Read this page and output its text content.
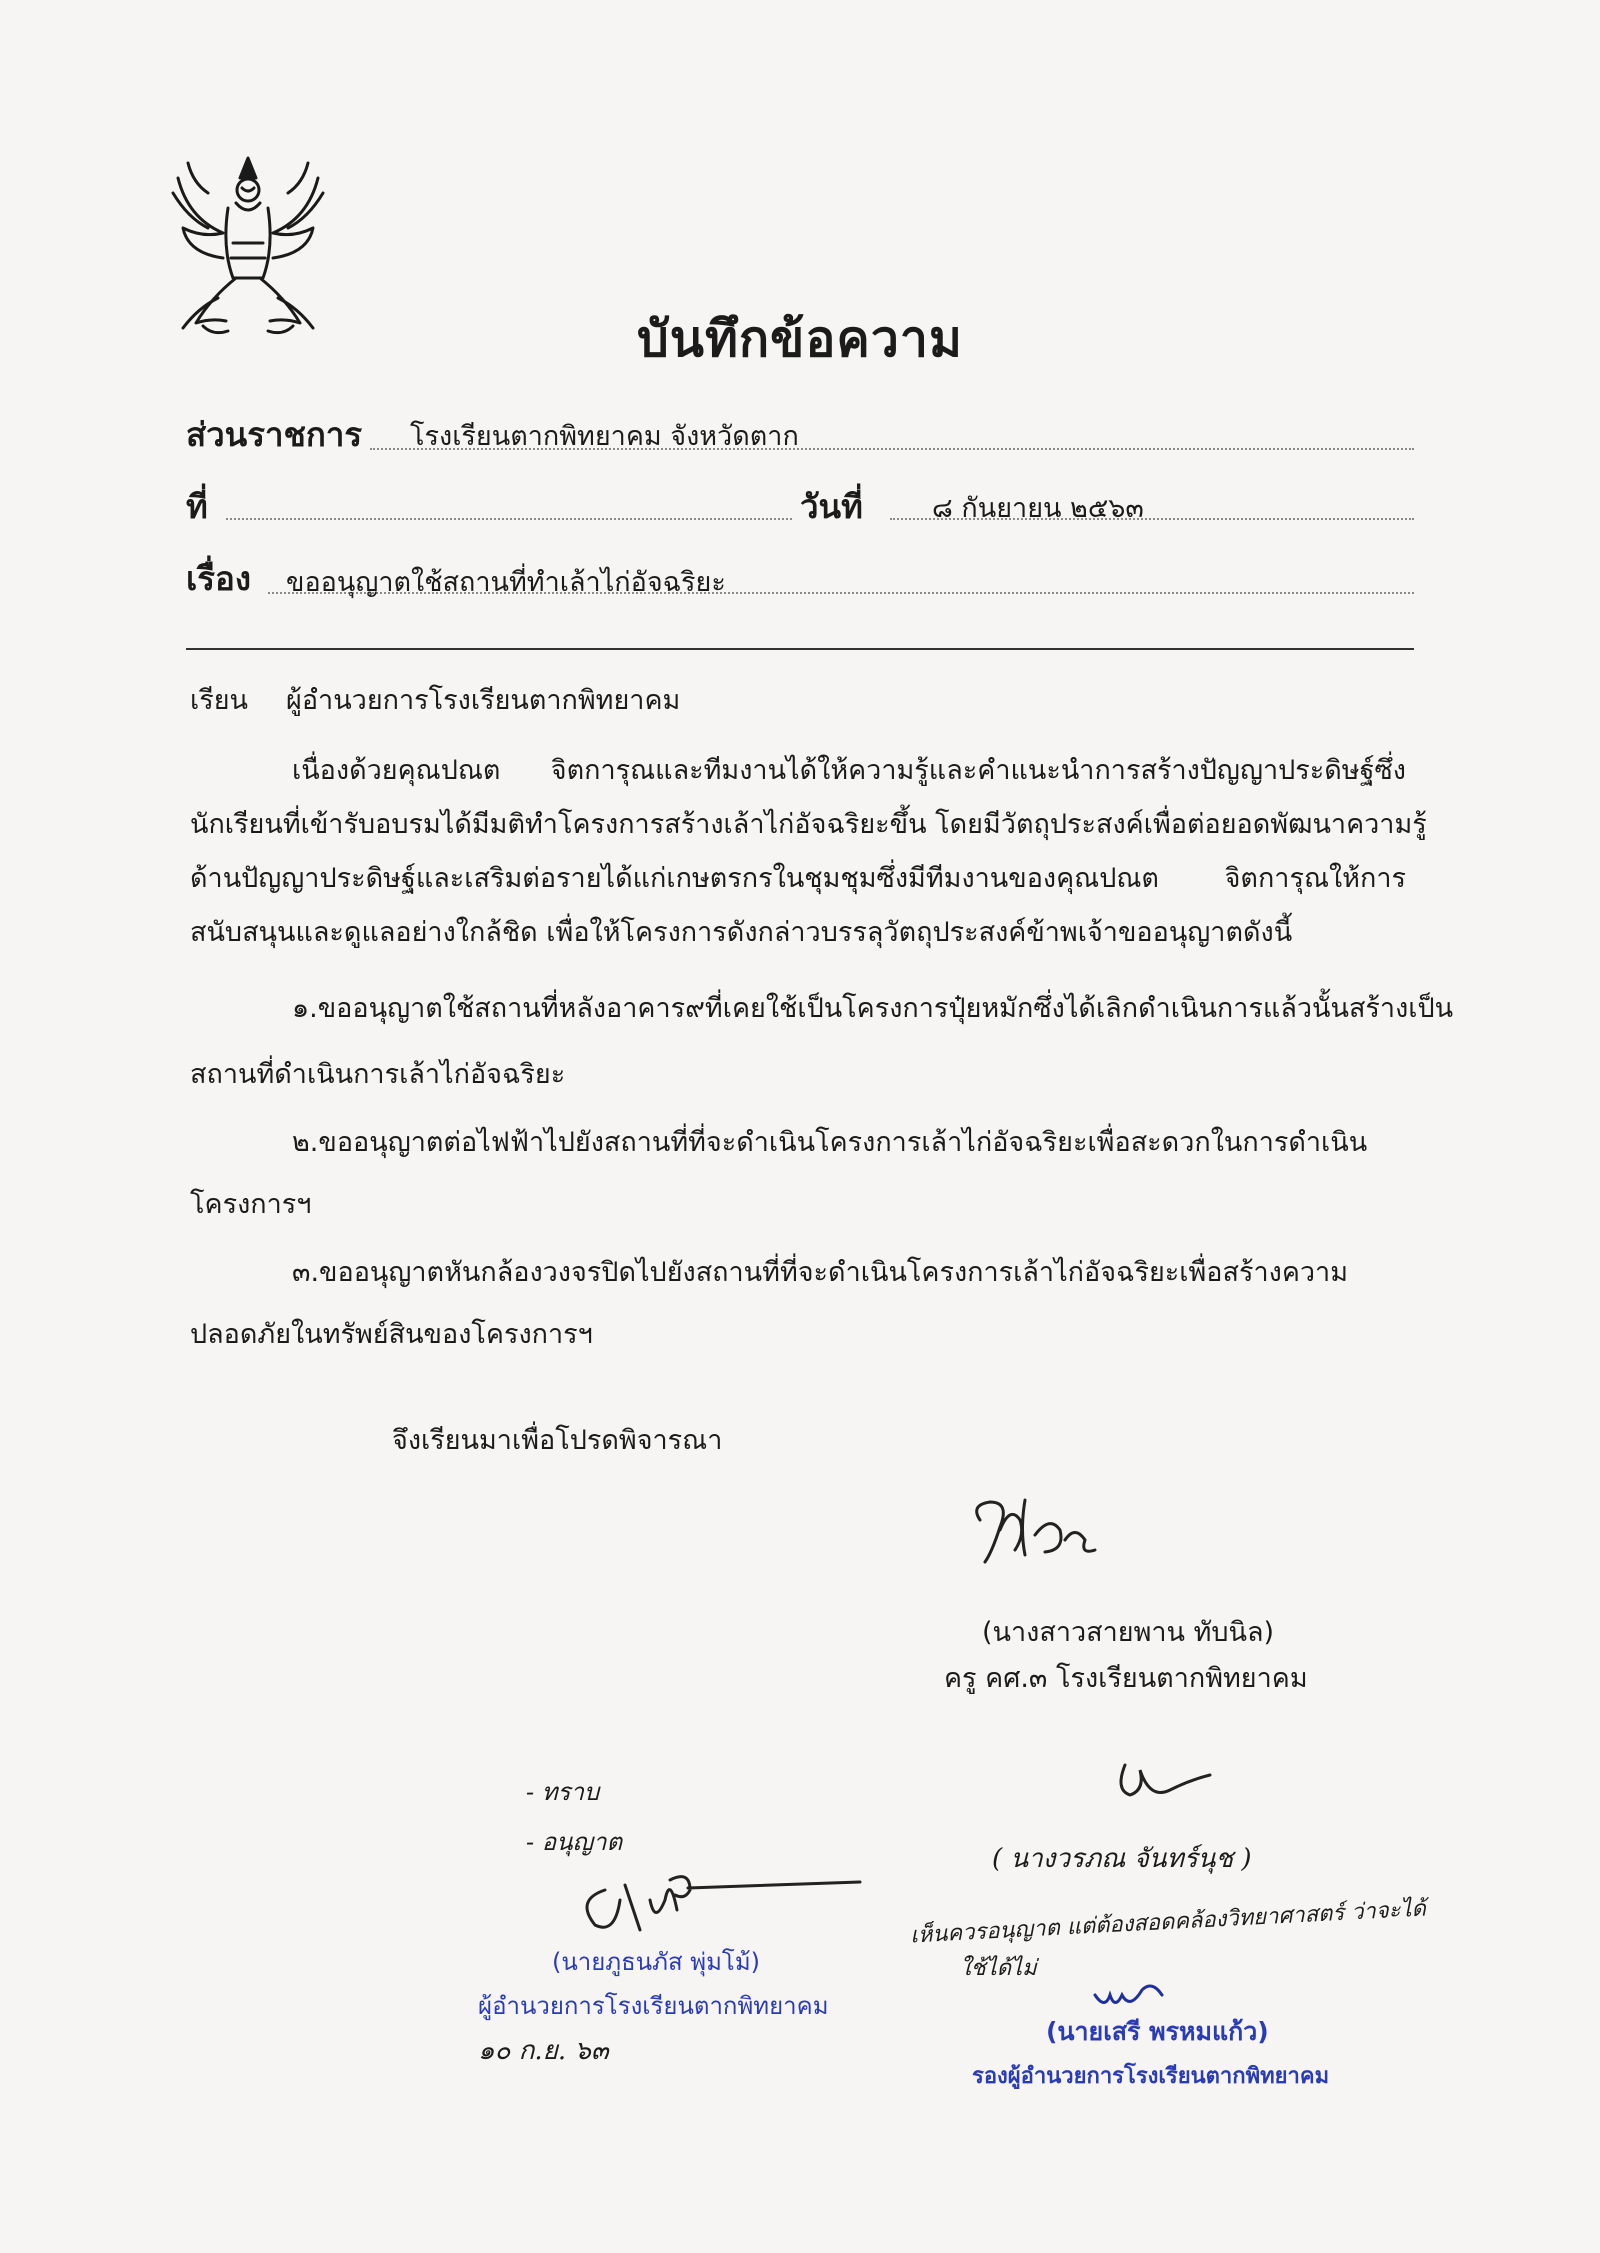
บันทึกข้อความ
ส่วนราชการ โรงเรียนตากพิทยาคม จังหวัดตาก
ที่	วันที่	๘ กันยายน ๒๕๖๓
เรื่อง ขออนุญาตใช้สถานที่ทำเล้าไก่อัจฉริยะ
เรียน ผู้อำนวยการโรงเรียนตากพิทยาคม
เนื่องด้วยคุณปณต จิตการุณและทีมงานได้ให้ความรู้และคำแนะนำการสร้างปัญญาประดิษฐ์ซึ่ง
นักเรียนที่เข้ารับอบรมได้มีมติทำโครงการสร้างเล้าไก่อัจฉริยะขึ้น โดยมีวัตถุประสงค์เพื่อต่อยอดพัฒนาความรู้
ด้านปัญญาประดิษฐ์และเสริมต่อรายได้แก่เกษตรกรในชุมชุมซึ่งมีทีมงานของคุณปณต จิตการุณให้การ
สนับสนุนและดูแลอย่างใกล้ชิด เพื่อให้โครงการดังกล่าวบรรลุวัตถุประสงค์ข้าพเจ้าขออนุญาตดังนี้
๑.ขออนุญาตใช้สถานที่หลังอาคาร๙ที่เคยใช้เป็นโครงการปุ๋ยหมักซึ่งได้เลิกดำเนินการแล้วนั้นสร้างเป็น
สถานที่ดำเนินการเล้าไก่อัจฉริยะ
๒.ขออนุญาตต่อไฟฟ้าไปยังสถานที่ที่จะดำเนินโครงการเล้าไก่อัจฉริยะเพื่อสะดวกในการดำเนิน
โครงการฯ
๓.ขออนุญาตหันกล้องวงจรปิดไปยังสถานที่ที่จะดำเนินโครงการเล้าไก่อัจฉริยะเพื่อสร้างความ
ปลอดภัยในทรัพย์สินของโครงการฯ
จึงเรียนมาเพื่อโปรดพิจารณา
(นางสาวสายพาน ทับนิล)
ครู คศ.๓ โรงเรียนตากพิทยาคม
- ทราบ
- อนุญาต
(นายภูธนภัส พุ่มโม้)
ผู้อำนวยการโรงเรียนตากพิทยาคม
๑๐ ก.ย. ๖๓
( นางวรภณ จันทร์นุช )
เห็นควรอนุญาต แต่ต้องสอดคล้องวิทยาศาสตร์ ว่าจะได้
ใช้ได้ไม่
(นายเสรี พรหมแก้ว)
รองผู้อำนวยการโรงเรียนตากพิทยาคม
